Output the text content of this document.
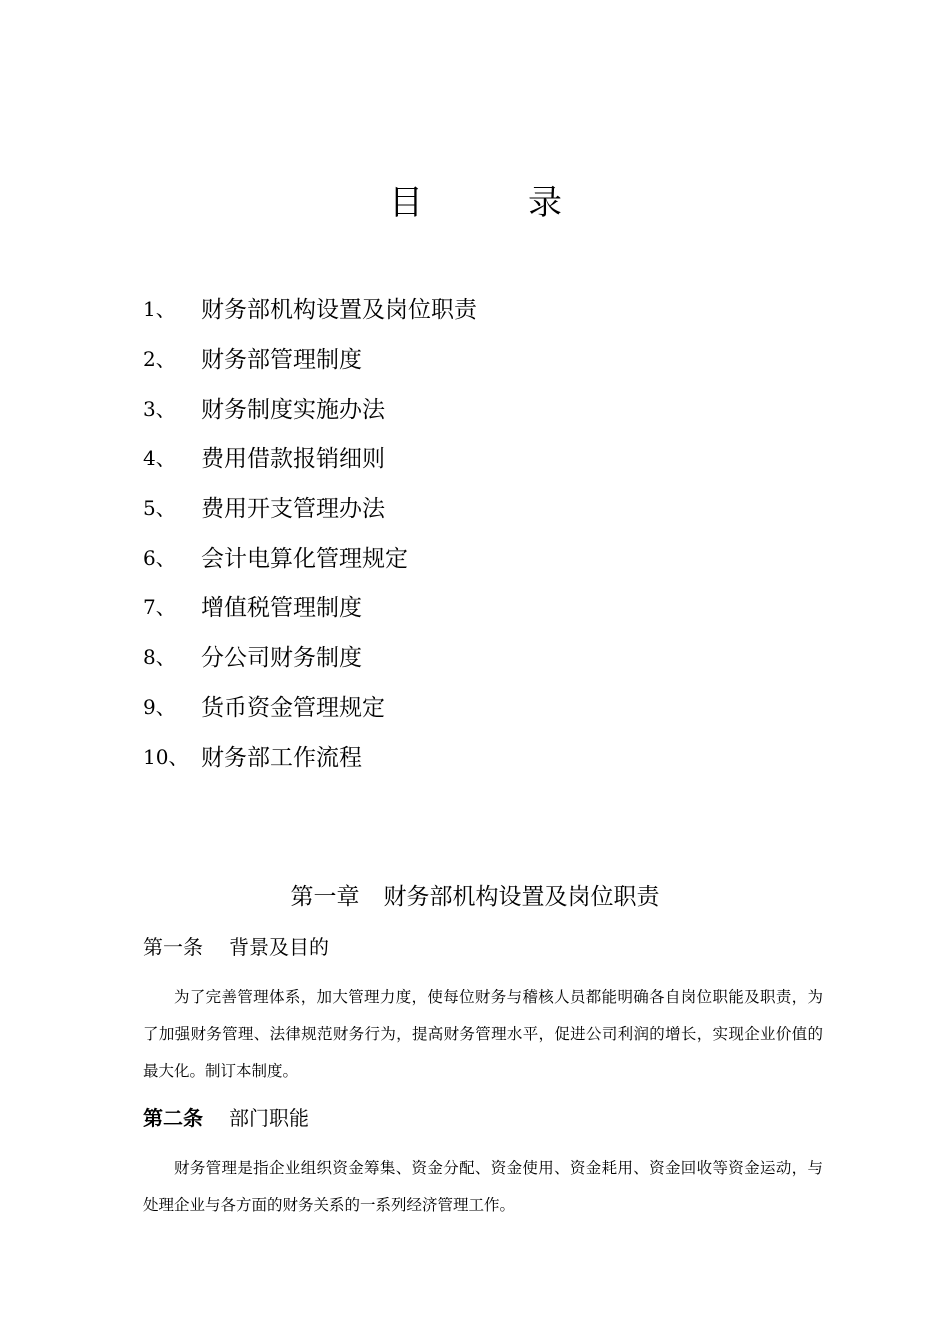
目	录
1、	财务部机构设置及岗位职责
2、	财务部管理制度
3、	财务制度实施办法
4、	费用借款报销细则
5、	费用开支管理办法
6、	会计电算化管理规定
7、	增值税管理制度
8、	分公司财务制度
9、	货币资金管理规定
10、 财务部工作流程
第一章 财务部机构设置及岗位职责
第一条 背景及目的

为了完善管理体系，加大管理力度，使每位财务与稽核人员都能明确各自岗位职能及职责，为了加强财务管理、法律规范财务行为，提高财务管理水平，促进公司利润的增长，实现企业价值的最大化。制订本制度。

第二条 部门职能

财务管理是指企业组织资金筹集、资金分配、资金使用、资金耗用、资金回收等资金运动，与处理企业与各方面的财务关系的一系列经济管理工作。
